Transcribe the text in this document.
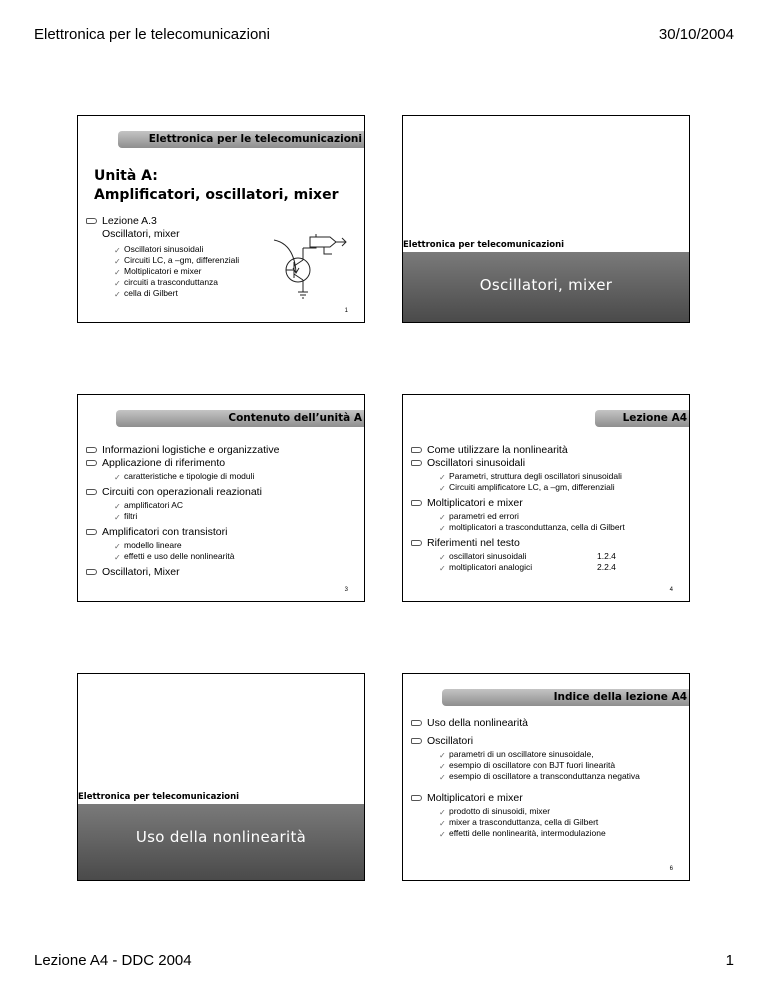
Elettronica per le telecomunicazioni	30/10/2004
Elettronica per le telecomunicazioni
Unità A:
Amplificatori, oscillatori, mixer
Lezione A.3
Oscillatori, mixer
✓ Oscillatori sinusoidali
✓ Circuiti LC, a –gm, differenziali
✓ Moltiplicatori e mixer
✓ circuiti a trasconduttanza
✓ cella di Gilbert
1
Elettronica per telecomunicazioni
Oscillatori, mixer
Contenuto dell’unità A
Informazioni logistiche e organizzative
Applicazione di riferimento
✓ caratteristiche e tipologie di moduli
Circuiti con operazionali reazionati
✓ amplificatori AC
✓ filtri
Amplificatori con transistori
✓ modello lineare
✓ effetti e uso delle nonlinearità
Oscillatori, Mixer
3
Lezione A4
Come utilizzare la nonlinearità
Oscillatori sinusoidali
✓ Parametri, struttura degli oscillatori sinusoidali
✓ Circuiti amplificatore LC, a –gm, differenziali
Moltiplicatori e mixer
✓ parametri ed errori
✓ moltiplicatori a trasconduttanza, cella di Gilbert
Riferimenti nel testo
✓ oscillatori sinusoidali	1.2.4
✓ moltiplicatori analogici	2.2.4
4
Elettronica per telecomunicazioni
Uso della nonlinearità
Indice della lezione A4
Uso della nonlinearità
Oscillatori
✓ parametri di un oscillatore sinusoidale,
✓ esempio di oscillatore con BJT fuori linearità
✓ esempio di oscillatore a transconduttanza negativa
Moltiplicatori e mixer
✓ prodotto di sinusoidi, mixer
✓ mixer a trasconduttanza, cella di Gilbert
✓ effetti delle nonlinearità, intermodulazione
6
Lezione A4 - DDC 2004	1
